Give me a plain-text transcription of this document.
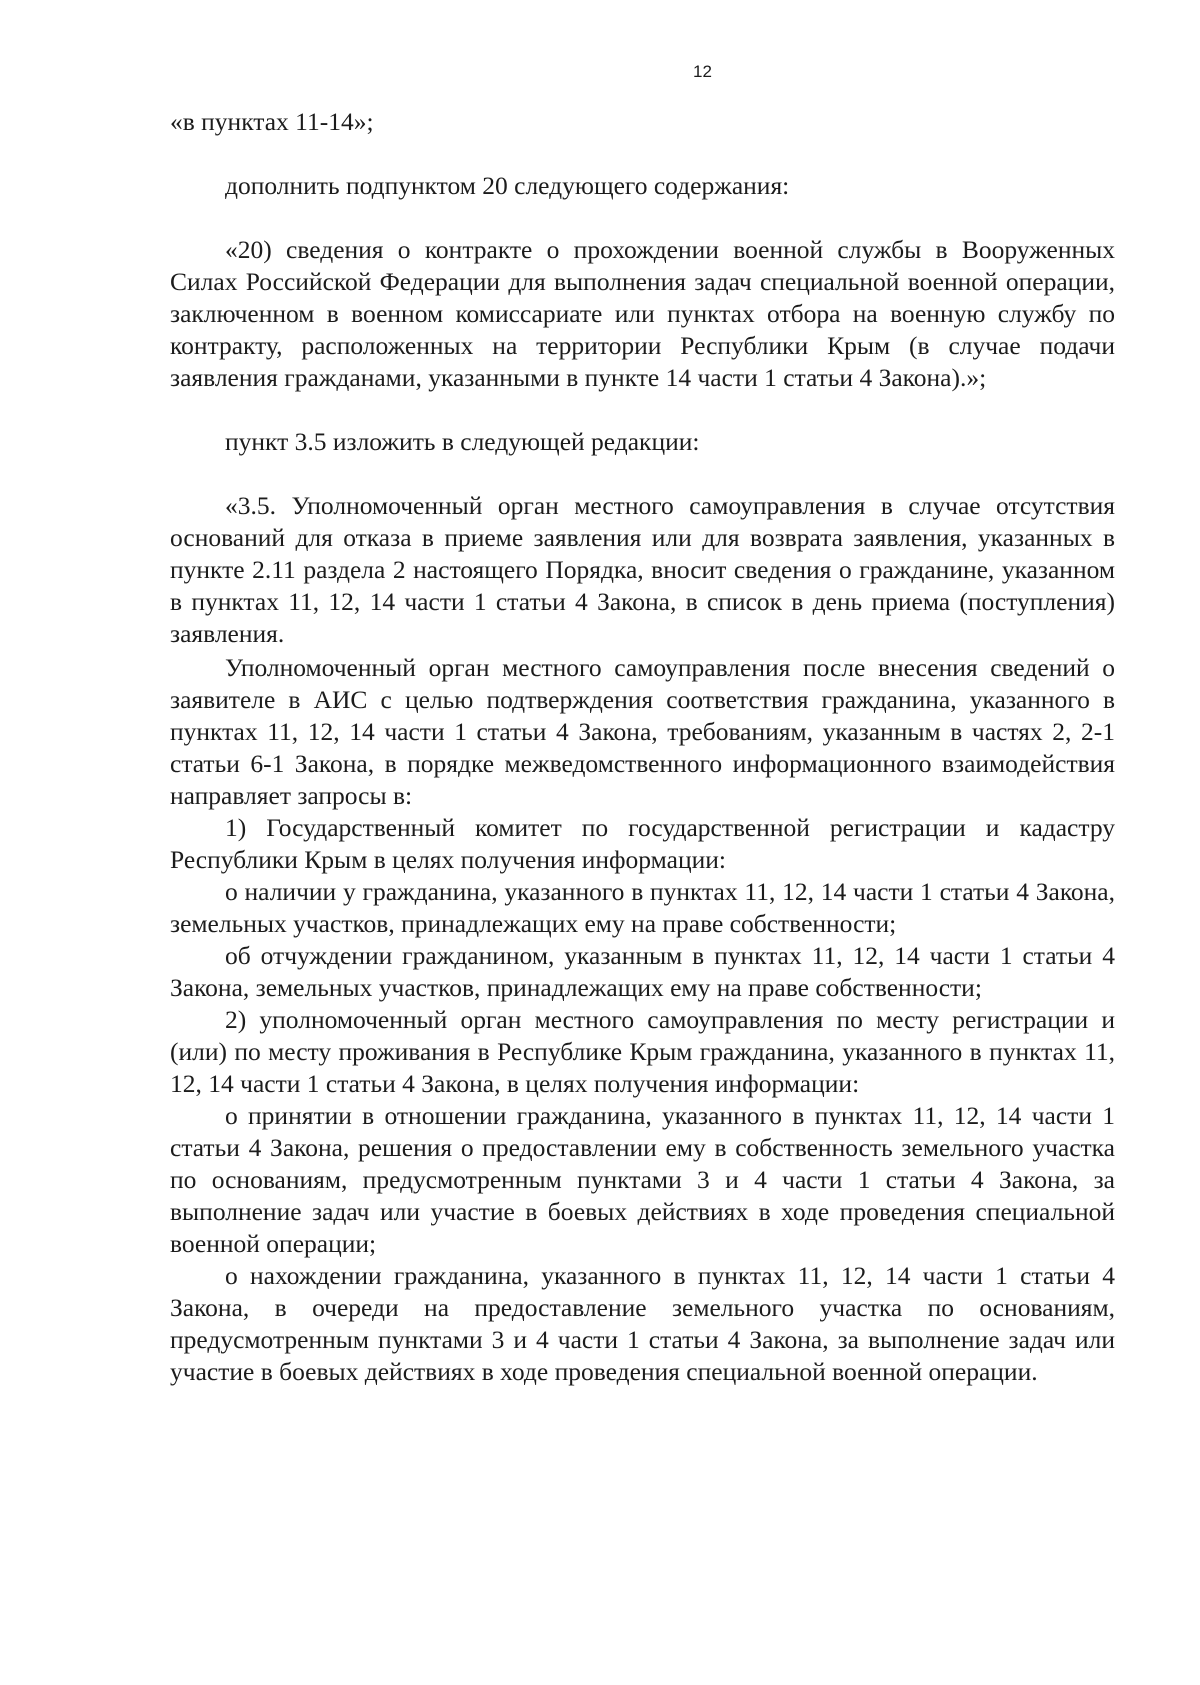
12

«в пунктах 11-14»;

дополнить подпунктом 20 следующего содержания:

«20) сведения о контракте о прохождении военной службы в Вооруженных Силах Российской Федерации для выполнения задач специальной военной операции, заключенном в военном комиссариате или пунктах отбора на военную службу по контракту, расположенных на территории Республики Крым (в случае подачи заявления гражданами, указанными в пункте 14 части 1 статьи 4 Закона).»;

пункт 3.5 изложить в следующей редакции:

«3.5. Уполномоченный орган местного самоуправления в случае отсутствия оснований для отказа в приеме заявления или для возврата заявления, указанных в пункте 2.11 раздела 2 настоящего Порядка, вносит сведения о гражданине, указанном в пунктах 11, 12, 14 части 1 статьи 4 Закона, в список в день приема (поступления) заявления.

Уполномоченный орган местного самоуправления после внесения сведений о заявителе в АИС с целью подтверждения соответствия гражданина, указанного в пунктах 11, 12, 14 части 1 статьи 4 Закона, требованиям, указанным в частях 2, 2-1 статьи 6-1 Закона, в порядке межведомственного информационного взаимодействия направляет запросы в:

1) Государственный комитет по государственной регистрации и кадастру Республики Крым в целях получения информации:

о наличии у гражданина, указанного в пунктах 11, 12, 14 части 1 статьи 4 Закона, земельных участков, принадлежащих ему на праве собственности;

об отчуждении гражданином, указанным в пунктах 11, 12, 14 части 1 статьи 4 Закона, земельных участков, принадлежащих ему на праве собственности;

2) уполномоченный орган местного самоуправления по месту регистрации и (или) по месту проживания в Республике Крым гражданина, указанного в пунктах 11, 12, 14 части 1 статьи 4 Закона, в целях получения информации:

о принятии в отношении гражданина, указанного в пунктах 11, 12, 14 части 1 статьи 4 Закона, решения о предоставлении ему в собственность земельного участка по основаниям, предусмотренным пунктами 3 и 4 части 1 статьи 4 Закона, за выполнение задач или участие в боевых действиях в ходе проведения специальной военной операции;

о нахождении гражданина, указанного в пунктах 11, 12, 14 части 1 статьи 4 Закона, в очереди на предоставление земельного участка по основаниям, предусмотренным пунктами 3 и 4 части 1 статьи 4 Закона, за выполнение задач или участие в боевых действиях в ходе проведения специальной военной операции.
